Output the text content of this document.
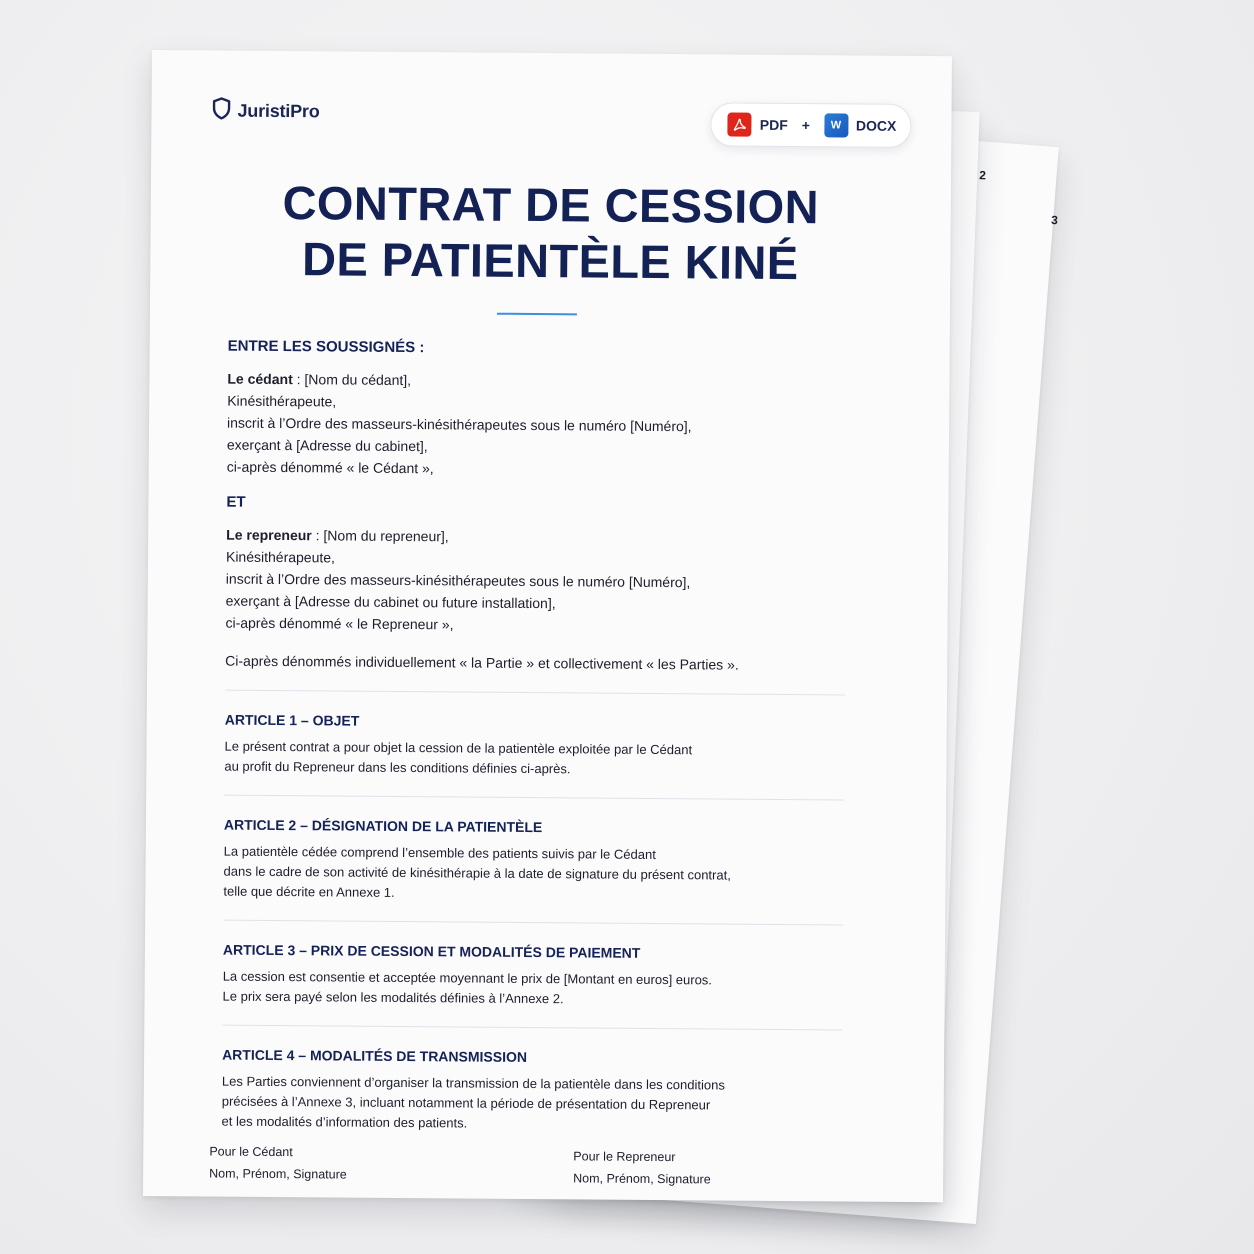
3
2
JuristiPro
PDF + W DOCX
CONTRAT DE CESSION
DE PATIENTÈLE KINÉ
ENTRE LES SOUSSIGNÉS :

Le cédant : [Nom du cédant],

Kinésithérapeute,

inscrit à l’Ordre des masseurs-kinésithérapeutes sous le numéro [Numéro],

exerçant à [Adresse du cabinet],

ci-après dénommé « le Cédant »,

ET

Le repreneur : [Nom du repreneur],

Kinésithérapeute,

inscrit à l’Ordre des masseurs-kinésithérapeutes sous le numéro [Numéro],

exerçant à [Adresse du cabinet ou future installation],

ci-après dénommé « le Repreneur »,

Ci-après dénommés individuellement « la Partie » et collectivement « les Parties ».

ARTICLE 1 – OBJET
Le présent contrat a pour objet la cession de la patientèle exploitée par le Cédant
au profit du Repreneur dans les conditions définies ci-après.
ARTICLE 2 – DÉSIGNATION DE LA PATIENTÈLE
La patientèle cédée comprend l’ensemble des patients suivis par le Cédant
dans le cadre de son activité de kinésithérapie à la date de signature du présent contrat,
telle que décrite en Annexe 1.
ARTICLE 3 – PRIX DE CESSION ET MODALITÉS DE PAIEMENT
La cession est consentie et acceptée moyennant le prix de [Montant en euros] euros.
Le prix sera payé selon les modalités définies à l’Annexe 2.
ARTICLE 4 – MODALITÉS DE TRANSMISSION
Les Parties conviennent d’organiser la transmission de la patientèle dans les conditions
précisées à l’Annexe 3, incluant notamment la période de présentation du Repreneur
et les modalités d’information des patients.
Pour le Cédant
Nom, Prénom, Signature
Pour le Repreneur
Nom, Prénom, Signature
